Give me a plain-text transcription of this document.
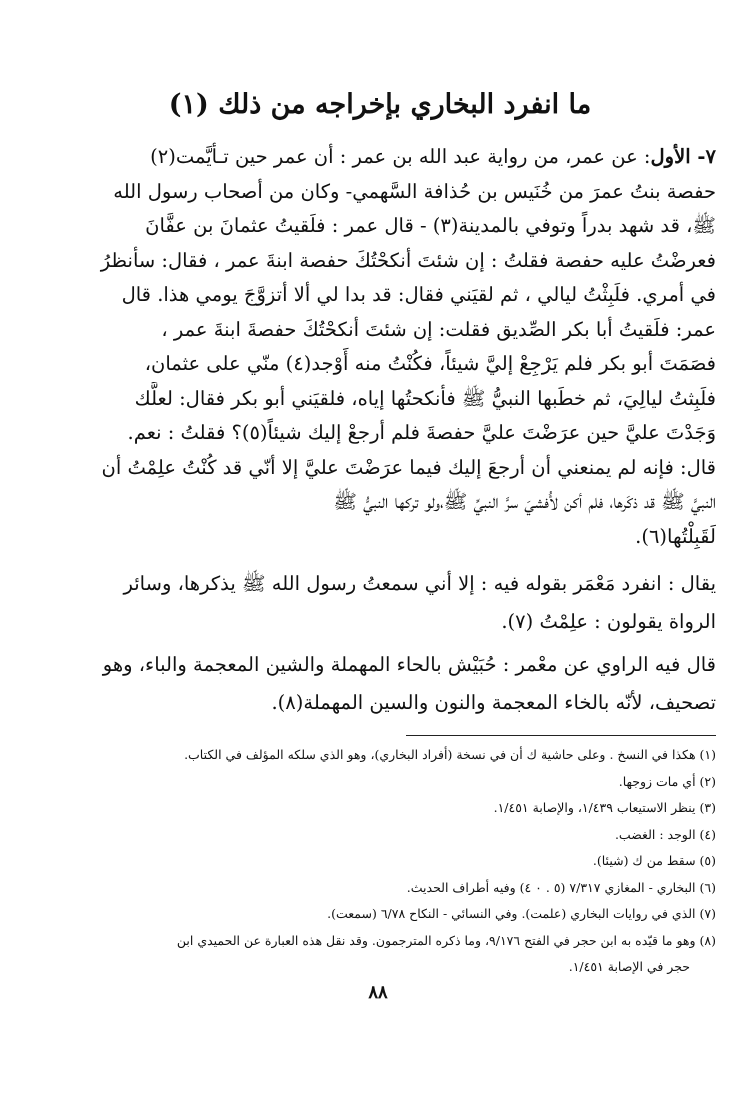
ما انفرد البخاري بإخراجه من ذلك (١)
٧- الأول: عن عمر، من رواية عبد الله بن عمر : أن عمر حين تـأيَّمت(٢)
حفصة بنتُ عمرَ من خُنَيس بن حُذافة السَّهمي- وكان من أصحاب رسول الله
ﷺ، قد شهد بدراً وتوفي بالمدينة(٣) - قال عمر : فلَقيتُ عثمانَ بن عفَّانَ
فعرضْتُ عليه حفصة فقلتُ : إن شئتَ أنكحْتُكَ حفصة ابنةَ عمر ، فقال: سأنظرُ
في أمري. فلَبِثْتُ ليالي ، ثم لقيَني فقال: قد بدا لي ألا أتزوَّجَ يومي هذا. قال
عمر: فلَقيتُ أبا بكر الصِّديق فقلت: إن شئتَ أنكحْتُكَ حفصةَ ابنةَ عمر ،
فصَمَتَ أبو بكر فلم يَرْجِعْ إليَّ شيئاً، فكُنْتُ منه أَوْجد(٤) منّي على عثمان،
فلَبِثتُ ليالِيَ، ثم خطَبها النبيُّ ﷺ فأنكحتُها إياه، فلقيَني أبو بكر فقال: لعلَّك
وَجَدْتَ عليَّ حين عرَضْتَ عليَّ حفصةَ فلم أرجعْ إليك شيئاً(٥)؟ فقلتُ : نعم.
قال: فإنه لم يمنعني أن أرجعَ إليك فيما عرَضْتَ عليَّ إلا أنّي قد كُنْتُ علِمْتُ أن
النبيَّ ﷺ قد ذكَرها، فلم أكن لأُفشيَ سرَّ النبيِّ ﷺ،ولو تركها النبيُّ ﷺ
لَقَبِلْتُها(٦).
يقال : انفرد مَعْمَر بقوله فيه : إلا أني سمعتُ رسول الله ﷺ يذكرها، وسائر
الرواة يقولون : علِمْتُ (٧).
قال فيه الراوي عن معْمر : حُبَيْش بالحاء المهملة والشين المعجمة والباء، وهو
تصحيف، لأنّه بالخاء المعجمة والنون والسين المهملة(٨).
(١) هكذا في النسخ . وعلى حاشية ك أن في نسخة (أفراد البخاري)، وهو الذي سلكه المؤلف في الكتاب.
(٢) أي مات زوجها.
(٣) ينظر الاستيعاب ١/٤٣٩، والإصابة ١/٤٥١.
(٤) الوجد : الغضب.
(٥) سقط من ك (شيئا).
(٦) البخاري - المغازي ٧/٣١٧ (٥ . ٠ ٤) وفيه أطراف الحديث.
(٧) الذي في روايات البخاري (علمت). وفي النسائي - النكاح ٦/٧٨ (سمعت).
(٨) وهو ما قيّده به ابن حجر في الفتح ٩/١٧٦، وما ذكره المترجمون. وقد نقل هذه العبارة عن الحميدي ابن
حجر في الإصابة ١/٤٥١.
٨٨
